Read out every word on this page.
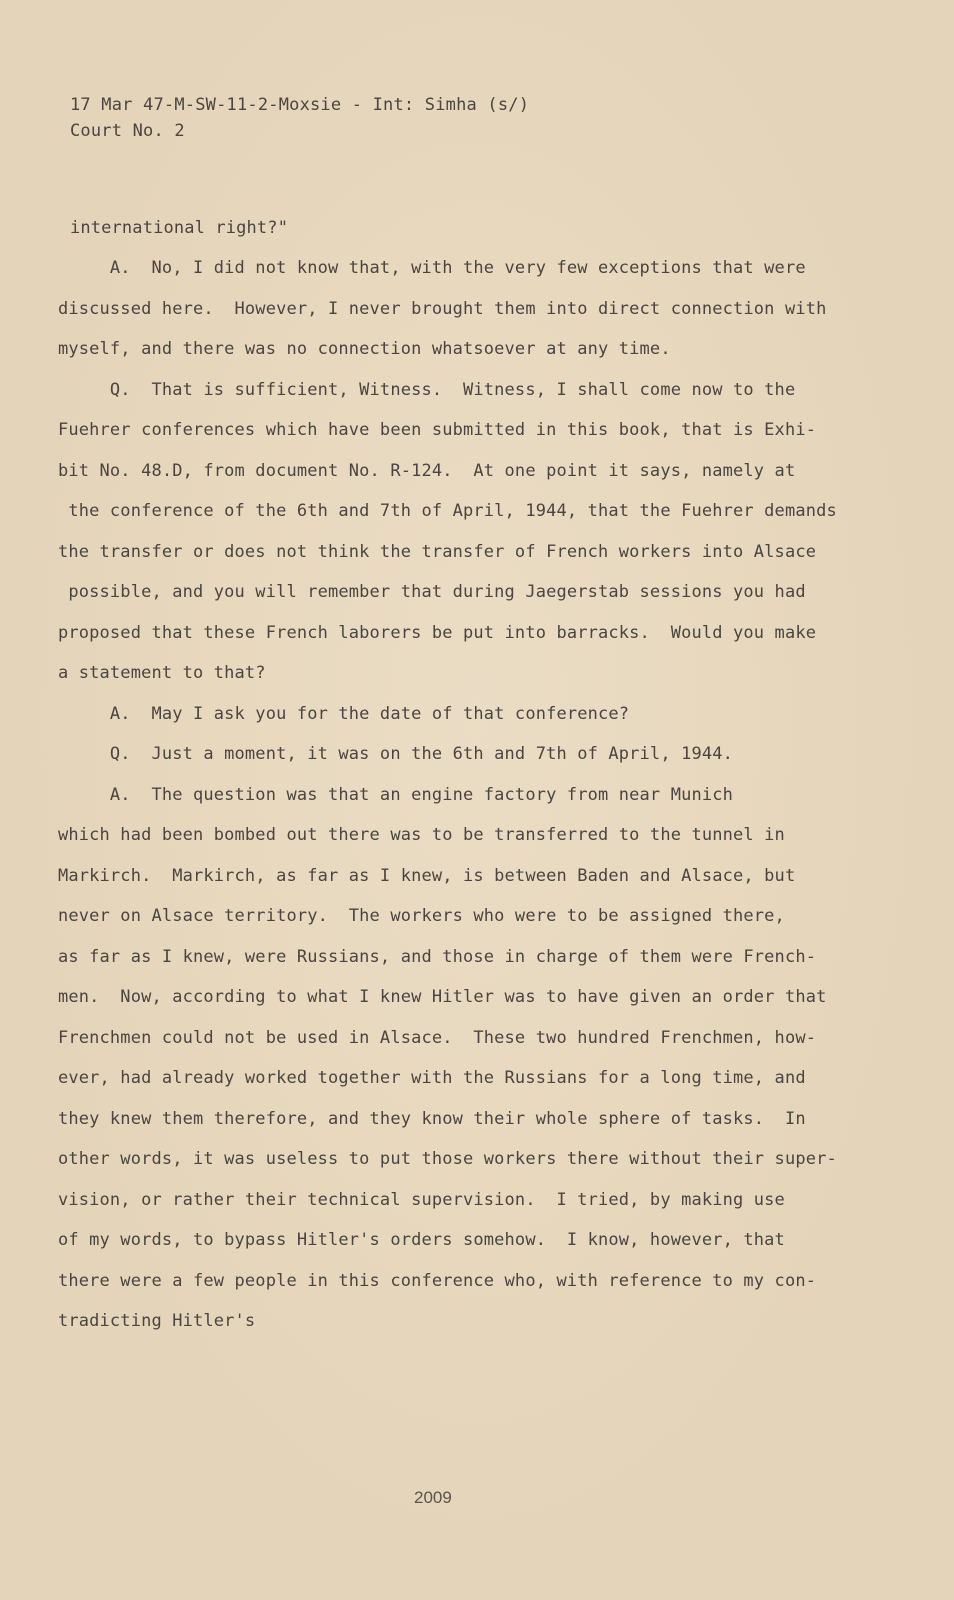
17 Mar 47-M-SW-11-2-Moxsie - Int: Simha (s/)
Court No. 2
international right?"
A.  No, I did not know that, with the very few exceptions that were
discussed here.  However, I never brought them into direct connection with
myself, and there was no connection whatsoever at any time.
Q.  That is sufficient, Witness.  Witness, I shall come now to the
Fuehrer conferences which have been submitted in this book, that is Exhi-
bit No. 48.D, from document No. R-124.  At one point it says, namely at
the conference of the 6th and 7th of April, 1944, that the Fuehrer demands
the transfer or does not think the transfer of French workers into Alsace
possible, and you will remember that during Jaegerstab sessions you had
proposed that these French laborers be put into barracks.  Would you make
a statement to that?
A.  May I ask you for the date of that conference?
Q.  Just a moment, it was on the 6th and 7th of April, 1944.
A.  The question was that an engine factory from near Munich
which had been bombed out there was to be transferred to the tunnel in
Markirch.  Markirch, as far as I knew, is between Baden and Alsace, but
never on Alsace territory.  The workers who were to be assigned there,
as far as I knew, were Russians, and those in charge of them were French-
men.  Now, according to what I knew Hitler was to have given an order that
Frenchmen could not be used in Alsace.  These two hundred Frenchmen, how-
ever, had already worked together with the Russians for a long time, and
they knew them therefore, and they know their whole sphere of tasks.  In
other words, it was useless to put those workers there without their super-
vision, or rather their technical supervision.  I tried, by making use
of my words, to bypass Hitler's orders somehow.  I know, however, that
there were a few people in this conference who, with reference to my con-
tradicting Hitler's
2009
